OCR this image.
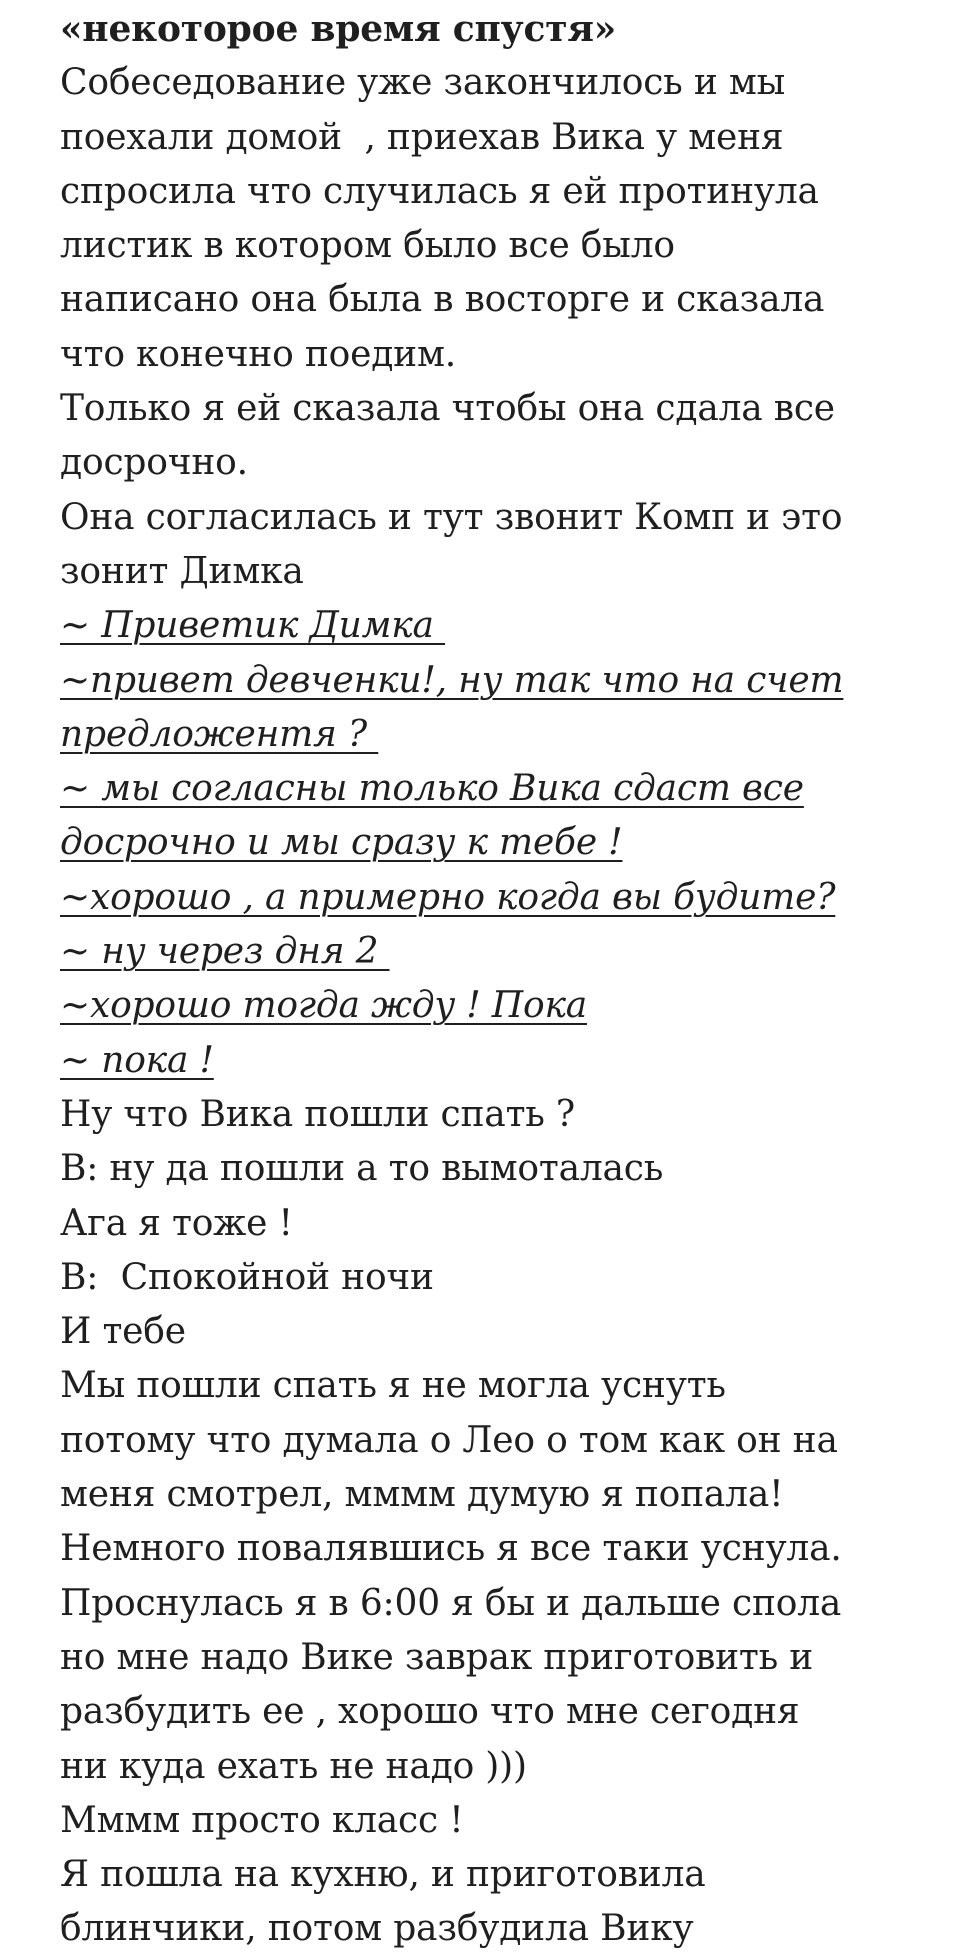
«некоторое время спустя»
Собеседование уже закончилось и мы
поехали домой  , приехав Вика у меня
спросила что случилась я ей протинула
листик в котором было все было
написано она была в восторге и сказала
что конечно поедим.
Только я ей сказала чтобы она сдала все
досрочно.
Она согласилась и тут звонит Комп и это
зонит Димка
~ Приветик Димка
~привет девченки!, ну так что на счет
предложентя ?
~ мы согласны только Вика сдаст все
досрочно и мы сразу к тебе !
~хорошо , а примерно когда вы будите?
~ ну через дня 2
~хорошо тогда жду ! Пока
~ пока !
Ну что Вика пошли спать ?
В: ну да пошли а то вымоталась
Ага я тоже !
В:  Спокойной ночи
И тебе
Мы пошли спать я не могла уснуть
потому что думала о Лео о том как он на
меня смотрел, мммм думую я попала!
Немного повалявшись я все таки уснула.
Проснулась я в 6:00 я бы и дальше спола
но мне надо Вике заврак приготовить и
разбудить ее , хорошо что мне сегодня
ни куда ехать не надо )))
Мммм просто класс !
Я пошла на кухню, и приготовила
блинчики, потом разбудила Вику
